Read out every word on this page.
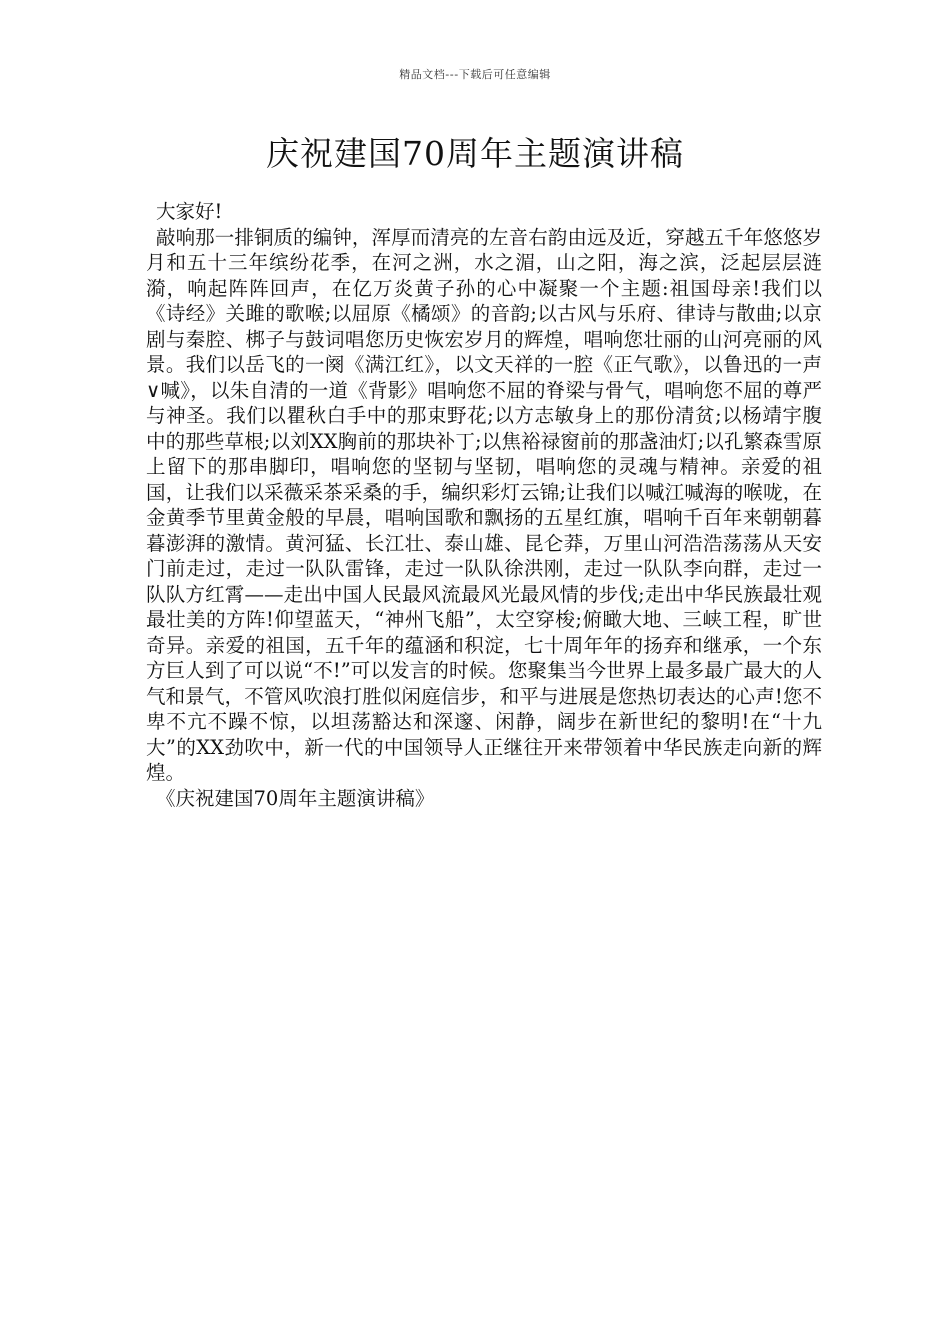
精品文档---下载后可任意编辑
庆祝建国70周年主题演讲稿

大家好!

敲响那一排铜质的编钟，浑厚而清亮的左音右韵由远及近，穿越五千年悠悠岁月和五十三年缤纷花季，在河之洲，水之湄，山之阳，海之滨，泛起层层涟漪，响起阵阵回声，在亿万炎黄子孙的心中凝聚一个主题:祖国母亲!我们以《诗经》关雎的歌喉;以屈原《橘颂》的音韵;以古风与乐府、律诗与散曲;以京剧与秦腔、梆子与鼓词唱您历史恢宏岁月的辉煌，唱响您壮丽的山河亮丽的风景。我们以岳飞的一阕《满江红》，以文天祥的一腔《正气歌》，以鲁迅的一声∨喊》，以朱自清的一道《背影》唱响您不屈的脊梁与骨气，唱响您不屈的尊严与神圣。我们以瞿秋白手中的那束野花;以方志敏身上的那份清贫;以杨靖宇腹中的那些草根;以刘XX胸前的那块补丁;以焦裕禄窗前的那盏油灯;以孔繁森雪原上留下的那串脚印，唱响您的坚韧与坚韧，唱响您的灵魂与精神。亲爱的祖国，让我们以采薇采茶采桑的手，编织彩灯云锦;让我们以喊江喊海的喉咙，在金黄季节里黄金般的早晨，唱响国歌和飘扬的五星红旗，唱响千百年来朝朝暮暮澎湃的激情。黄河猛、长江壮、泰山雄、昆仑莽，万里山河浩浩荡荡从天安门前走过，走过一队队雷锋，走过一队队徐洪刚，走过一队队李向群，走过一队队方红霄——走出中国人民最风流最风光最风情的步伐;走出中华民族最壮观最壮美的方阵!仰望蓝天，“神州飞船”，太空穿梭;俯瞰大地、三峡工程，旷世奇异。亲爱的祖国，五千年的蕴涵和积淀，七十周年年的扬弃和继承，一个东方巨人到了可以说“不!”可以发言的时候。您聚集当今世界上最多最广最大的人气和景气，不管风吹浪打胜似闲庭信步，和平与进展是您热切表达的心声!您不卑不亢不躁不惊，以坦荡豁达和深邃、闲静，阔步在新世纪的黎明!在“十九大”的XX劲吹中，新一代的中国领导人正继往开来带领着中华民族走向新的辉煌。

《庆祝建国70周年主题演讲稿》
